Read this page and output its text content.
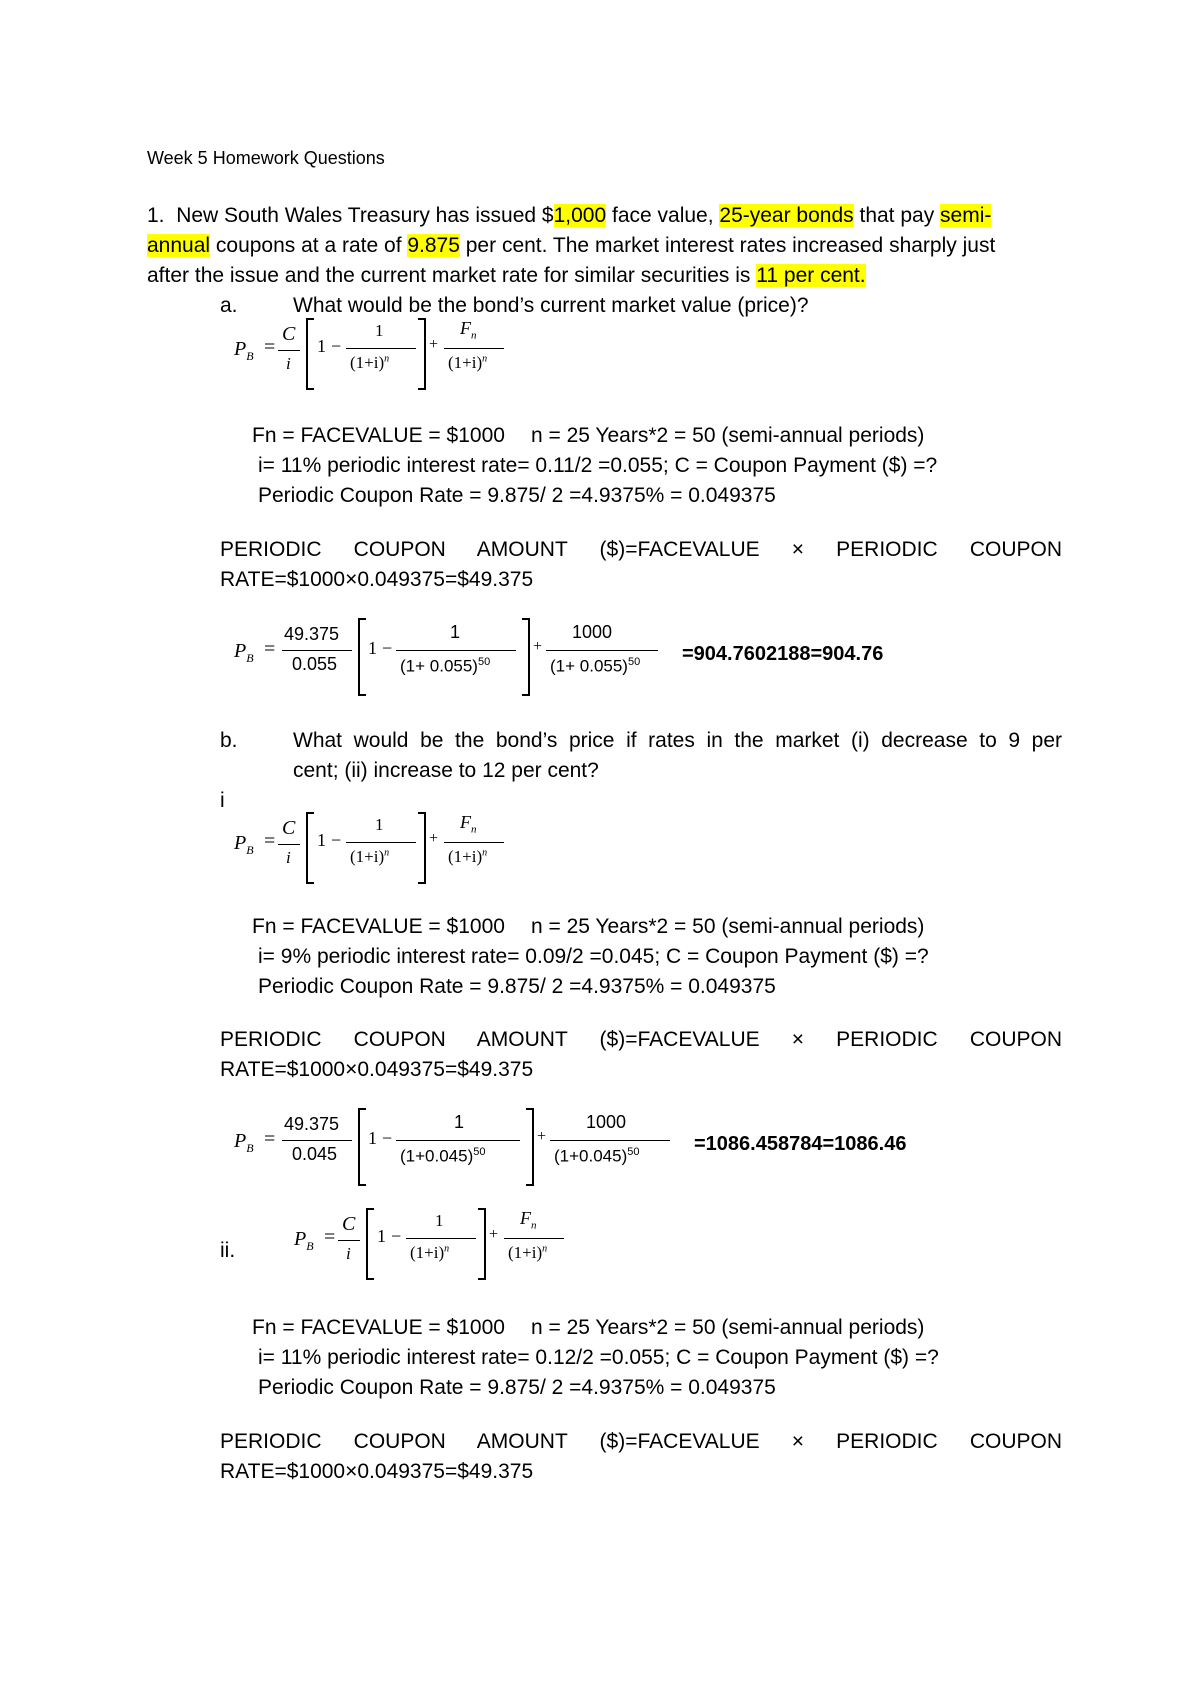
Week 5 Homework Questions
1. New South Wales Treasury has issued $1,000 face value, 25-year bonds that pay semi-
annual coupons at a rate of 9.875 per cent. The market interest rates increased sharply just
after the issue and the current market rate for similar securities is 11 per cent.
a.	What would be the bond’s current market value (price)?
$P_B$ =
C
i
1 −
1
$(1+i)^n$
+
$F_n$
$(1+i)^n$
Fn = FACEVALUE = $1000 n = 25 Years*2 = 50 (semi-annual periods)
i= 11% periodic interest rate= 0.11/2 =0.055; C = Coupon Payment ($) =?
Periodic Coupon Rate = 9.875/ 2 =4.9375% = 0.049375
PERIODIC   COUPON   AMOUNT   ($)=FACEVALUE   ×   PERIODIC   COUPON
RATE=$1000×0.049375=$49.375
$P_B$ =
49.375
0.055
1 −
1
$(1+ 0.055)^{50}$
+
1000
$(1+ 0.055)^{50} =904.7602188=904.76$
b.	What would be the bond’s price if rates in the market (i) decrease to 9 per
cent; (ii) increase to 12 per cent?
i
$P_B$ =
C
i
1 −
1
$(1+i)^n$
+
$F_n$
$(1+i)^n$
Fn = FACEVALUE = $1000 n = 25 Years*2 = 50 (semi-annual periods)
i= 9% periodic interest rate= 0.09/2 =0.045; C = Coupon Payment ($) =?
Periodic Coupon Rate = 9.875/ 2 =4.9375% = 0.049375
PERIODIC   COUPON   AMOUNT   ($)=FACEVALUE   ×   PERIODIC   COUPON
RATE=$1000×0.049375=$49.375
$P_B$ =
49.375
0.045
1 −
1
$(1+0.045)^{50}$
+
1000
$(1+0.045)^{50}$	=1086.458784=1086.46
ii.	$P_B$ =
C
i
1 −
1
$(1+i)^n$
+
$F_n$
$(1+i)^n$
Fn = FACEVALUE = $1000 n = 25 Years*2 = 50 (semi-annual periods)
i= 11% periodic interest rate= 0.12/2 =0.055; C = Coupon Payment ($) =?
Periodic Coupon Rate = 9.875/ 2 =4.9375% = 0.049375
PERIODIC   COUPON   AMOUNT   ($)=FACEVALUE   ×   PERIODIC   COUPON
RATE=$1000×0.049375=$49.375
